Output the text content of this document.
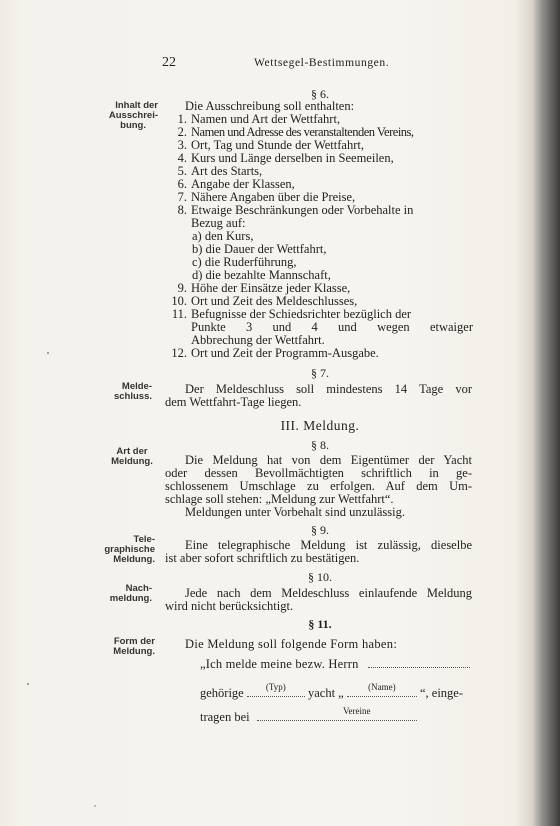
22	Wettsegel-Bestimmungen.
Inhalt der
Ausschrei-
bung.
Melde-
schluss.
Art der
Meldung.
Tele-
graphische
Meldung.
Nach-
meldung.
Form der
Meldung.
§ 6.
Die Ausschreibung soll enthalten:
1. Namen und Art der Wettfahrt,
2. Namen und Adresse des veranstaltenden Vereins,
3. Ort, Tag und Stunde der Wettfahrt,
4. Kurs und Länge derselben in Seemeilen,
5. Art des Starts,
6. Angabe der Klassen,
7. Nähere Angaben über die Preise,
8. Etwaige Beschränkungen oder Vorbehalte in
Bezug auf:
a) den Kurs,
b) die Dauer der Wettfahrt,
c) die Ruderführung,
d) die bezahlte Mannschaft,
9. Höhe der Einsätze jeder Klasse,
10. Ort und Zeit des Meldeschlusses,
11. Befugnisse der Schiedsrichter bezüglich der
Punkte 3 und 4 und wegen etwaiger
Abbrechung der Wettfahrt.
12. Ort und Zeit der Programm-Ausgabe.
§ 7.
Der Meldeschluss soll mindestens 14 Tage vor
dem Wettfahrt-Tage liegen.
III. Meldung.
§ 8.
Die Meldung hat von dem Eigentümer der Yacht
oder dessen Bevollmächtigten schriftlich in ge-
schlossenem Umschlage zu erfolgen. Auf dem Um-
schlage soll stehen: „Meldung zur Wettfahrt“.
Meldungen unter Vorbehalt sind unzulässig.
§ 9.
Eine telegraphische Meldung ist zulässig, dieselbe
ist aber sofort schriftlich zu bestätigen.
§ 10.
Jede nach dem Meldeschluss einlaufende Meldung
wird nicht berücksichtigt.
§ 11.
Die Meldung soll folgende Form haben:
„Ich melde meine bezw. Herrn
gehörige	(Typ)	yacht „	(Name)	“, einge-
tragen bei	Vereine
